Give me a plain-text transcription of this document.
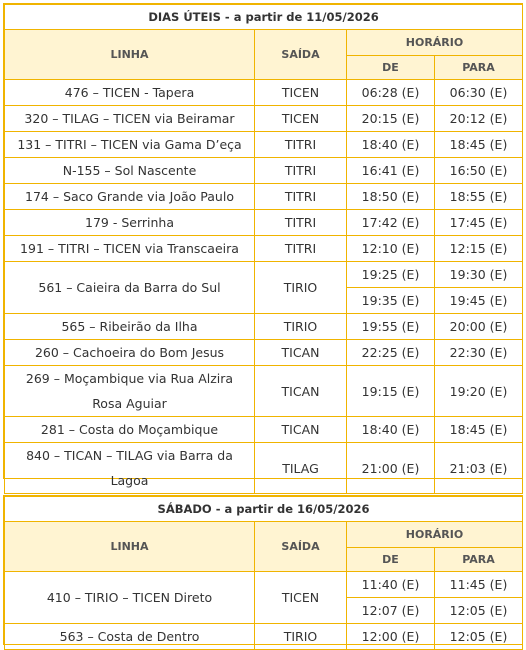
DIAS ÚTEIS - a partir de 11/05/2026			
LINHA	SAÍDA	HORÁRIO	
		DE	PARA
476 – TICEN - Tapera	TICEN	06:28 (E)	06:30 (E)
320 – TILAG – TICEN via Beiramar	TICEN	20:15 (E)	20:12 (E)
131 – TITRI – TICEN via Gama D’eça	TITRI	18:40 (E)	18:45 (E)
N-155 – Sol Nascente	TITRI	16:41 (E)	16:50 (E)
174 – Saco Grande via João Paulo	TITRI	18:50 (E)	18:55 (E)
179 - Serrinha	TITRI	17:42 (E)	17:45 (E)
191 – TITRI – TICEN via Transcaeira	TITRI	12:10 (E)	12:15 (E)
561 – Caieira da Barra do Sul	TIRIO	19:25 (E)	19:30 (E)
		19:35 (E)	19:45 (E)
565 – Ribeirão da Ilha	TIRIO	19:55 (E)	20:00 (E)
260 – Cachoeira do Bom Jesus	TICAN	22:25 (E)	22:30 (E)
269 – Moçambique via Rua Alzira Rosa Aguiar	TICAN	19:15 (E)	19:20 (E)
281 – Costa do Moçambique	TICAN	18:40 (E)	18:45 (E)
840 – TICAN – TILAG via Barra da Lagoa	TILAG	21:00 (E)	21:03 (E)
SÁBADO - a partir de 16/05/2026			
LINHA	SAÍDA	HORÁRIO	
		DE	PARA
410 – TIRIO – TICEN Direto	TICEN	11:40 (E)	11:45 (E)
		12:07 (E)	12:05 (E)
563 – Costa de Dentro	TIRIO	12:00 (E)	12:05 (E)
